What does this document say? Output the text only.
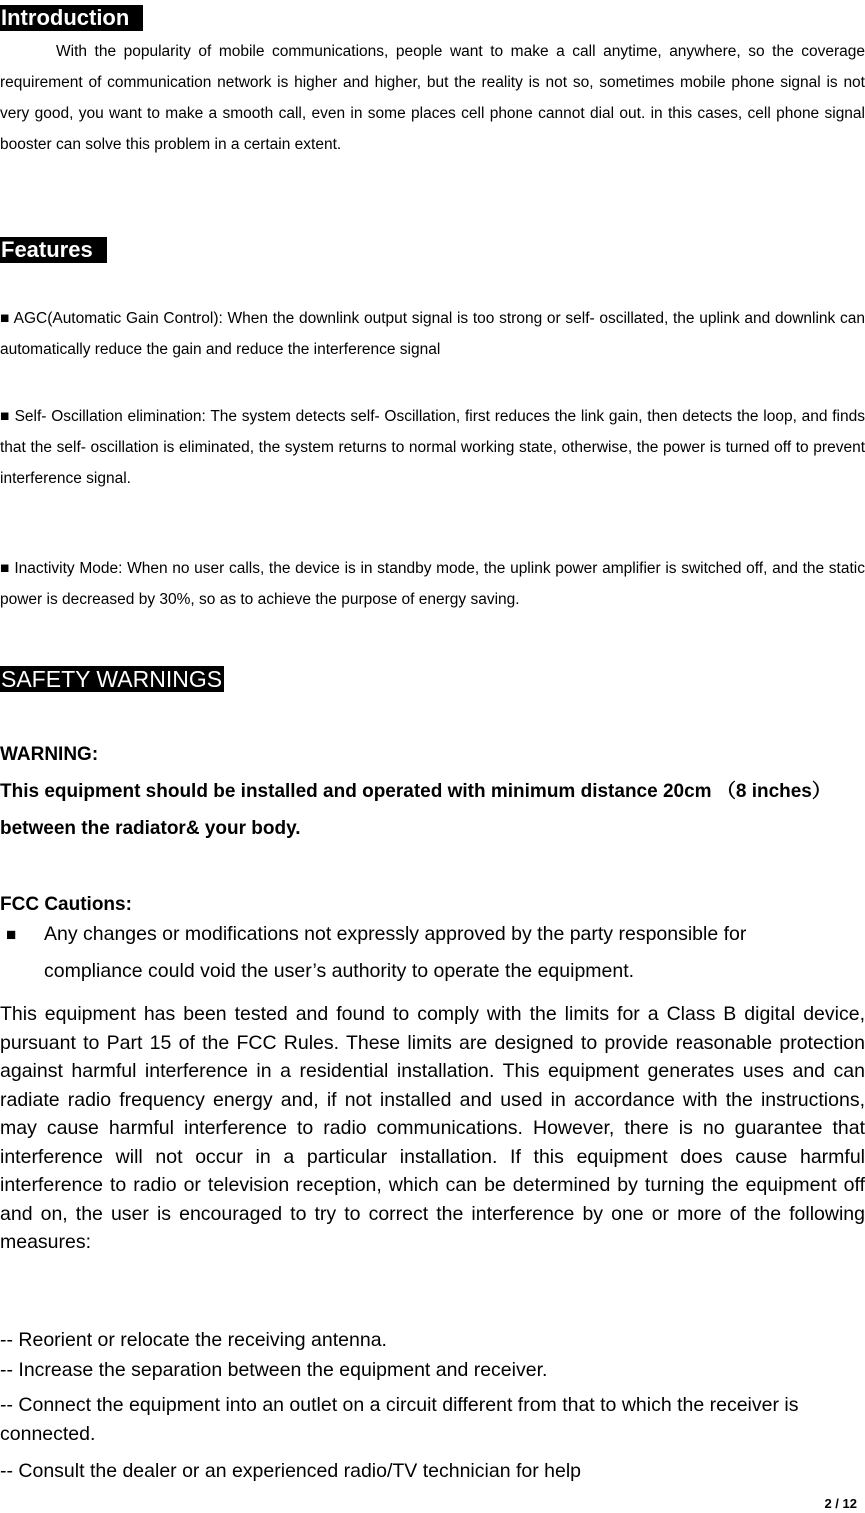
Introduction

With the popularity of mobile communications, people want to make a call anytime, anywhere, so the coverage requirement of communication network is higher and higher, but the reality is not so, sometimes mobile phone signal is not very good, you want to make a smooth call, even in some places cell phone cannot dial out. in this cases, cell phone signal booster can solve this problem in a certain extent.

Features

■ AGC(Automatic Gain Control): When the downlink output signal is too strong or self- oscillated, the uplink and downlink can automatically reduce the gain and reduce the interference signal

■ Self- Oscillation elimination: The system detects self- Oscillation, first reduces the link gain, then detects the loop, and finds that the self- oscillation is eliminated, the system returns to normal working state, otherwise, the power is turned off to prevent interference signal.

■ Inactivity Mode: When no user calls, the device is in standby mode, the uplink power amplifier is switched off, and the static power is decreased by 30%, so as to achieve the purpose of energy saving.

SAFETY WARNINGS
WARNING:
This equipment should be installed and operated with minimum distance 20cm （8 inches）between the radiator& your body.
FCC Cautions:
■ Any changes or modifications not expressly approved by the party responsible for compliance could void the user’s authority to operate the equipment.
This equipment has been tested and found to comply with the limits for a Class B digital device, pursuant to Part 15 of the FCC Rules. These limits are designed to provide reasonable protection against harmful interference in a residential installation. This equipment generates uses and can radiate radio frequency energy and, if not installed and used in accordance with the instructions, may cause harmful interference to radio communications. However, there is no guarantee that interference will not occur in a particular installation. If this equipment does cause harmful interference to radio or television reception, which can be determined by turning the equipment off and on, the user is encouraged to try to correct the interference by one or more of the following measures:
-- Reorient or relocate the receiving antenna.
-- Increase the separation between the equipment and receiver.
-- Connect the equipment into an outlet on a circuit different from that to which the receiver is connected.
-- Consult the dealer or an experienced radio/TV technician for help
2 / 12
